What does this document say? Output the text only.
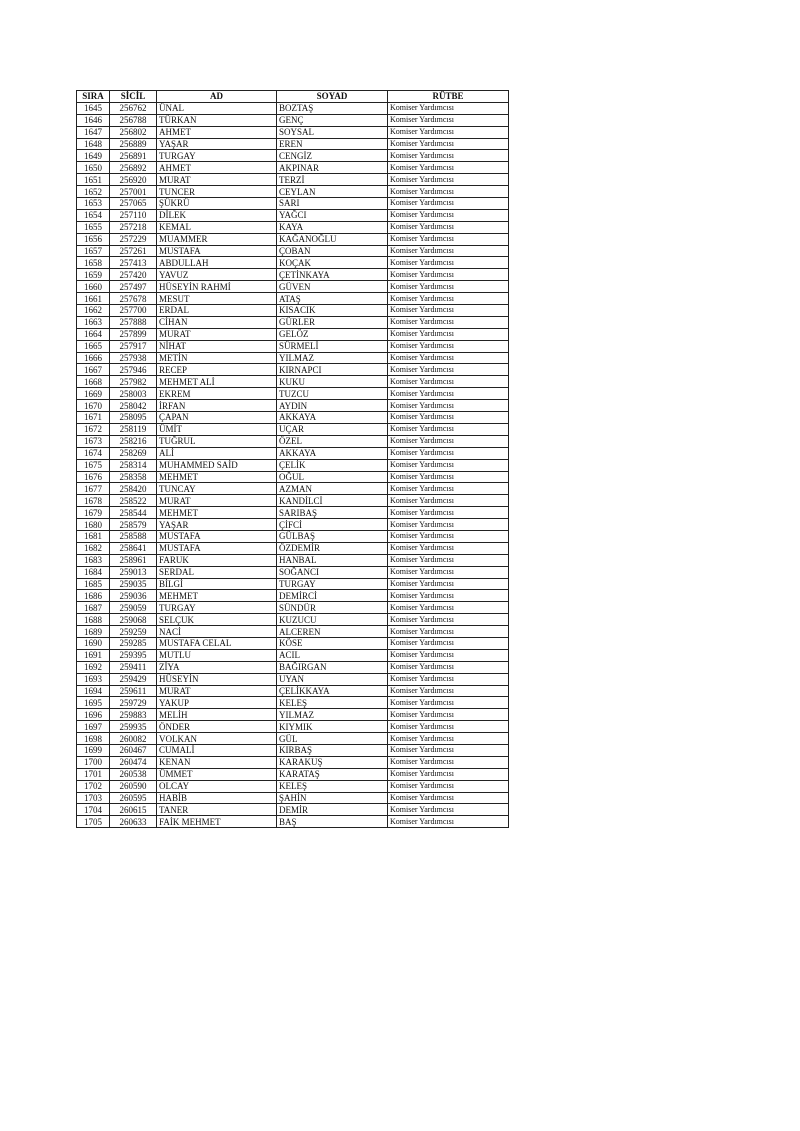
SIRA	SİCİL	AD	SOYAD	RÜTBE
1645	256762	ÜNAL	BOZTAŞ	Komiser Yardımcısı
1646	256788	TÜRKAN	GENÇ	Komiser Yardımcısı
1647	256802	AHMET	SOYSAL	Komiser Yardımcısı
1648	256889	YAŞAR	EREN	Komiser Yardımcısı
1649	256891	TURGAY	CENGİZ	Komiser Yardımcısı
1650	256892	AHMET	AKPINAR	Komiser Yardımcısı
1651	256920	MURAT	TERZİ	Komiser Yardımcısı
1652	257001	TUNCER	CEYLAN	Komiser Yardımcısı
1653	257065	ŞÜKRÜ	SARI	Komiser Yardımcısı
1654	257110	DİLEK	YAĞCI	Komiser Yardımcısı
1655	257218	KEMAL	KAYA	Komiser Yardımcısı
1656	257229	MUAMMER	KAĞANOĞLU	Komiser Yardımcısı
1657	257261	MUSTAFA	ÇOBAN	Komiser Yardımcısı
1658	257413	ABDULLAH	KOÇAK	Komiser Yardımcısı
1659	257420	YAVUZ	ÇETİNKAYA	Komiser Yardımcısı
1660	257497	HÜSEYİN RAHMİ	GÜVEN	Komiser Yardımcısı
1661	257678	MESUT	ATAŞ	Komiser Yardımcısı
1662	257700	ERDAL	KISACIK	Komiser Yardımcısı
1663	257888	CİHAN	GÜRLER	Komiser Yardımcısı
1664	257899	MURAT	GELÖZ	Komiser Yardımcısı
1665	257917	NİHAT	SÜRMELİ	Komiser Yardımcısı
1666	257938	METİN	YILMAZ	Komiser Yardımcısı
1667	257946	RECEP	KIRNAPCI	Komiser Yardımcısı
1668	257982	MEHMET ALİ	KUKU	Komiser Yardımcısı
1669	258003	EKREM	TUZCU	Komiser Yardımcısı
1670	258042	İRFAN	AYDIN	Komiser Yardımcısı
1671	258095	ÇAPAN	AKKAYA	Komiser Yardımcısı
1672	258119	ÜMİT	UÇAR	Komiser Yardımcısı
1673	258216	TUĞRUL	ÖZEL	Komiser Yardımcısı
1674	258269	ALİ	AKKAYA	Komiser Yardımcısı
1675	258314	MUHAMMED SAİD	ÇELİK	Komiser Yardımcısı
1676	258358	MEHMET	OĞUL	Komiser Yardımcısı
1677	258420	TUNCAY	AZMAN	Komiser Yardımcısı
1678	258522	MURAT	KANDİLCİ	Komiser Yardımcısı
1679	258544	MEHMET	SARIBAŞ	Komiser Yardımcısı
1680	258579	YAŞAR	ÇİFCİ	Komiser Yardımcısı
1681	258588	MUSTAFA	GÜLBAŞ	Komiser Yardımcısı
1682	258641	MUSTAFA	ÖZDEMİR	Komiser Yardımcısı
1683	258961	FARUK	HANBAL	Komiser Yardımcısı
1684	259013	SERDAL	SOĞANCI	Komiser Yardımcısı
1685	259035	BİLGİ	TURGAY	Komiser Yardımcısı
1686	259036	MEHMET	DEMİRCİ	Komiser Yardımcısı
1687	259059	TURGAY	SÜNDÜR	Komiser Yardımcısı
1688	259068	SELÇUK	KUZUCU	Komiser Yardımcısı
1689	259259	NACİ	ALCEREN	Komiser Yardımcısı
1690	259285	MUSTAFA CELAL	KÖSE	Komiser Yardımcısı
1691	259395	MUTLU	ACIL	Komiser Yardımcısı
1692	259411	ZİYA	BAĞIRGAN	Komiser Yardımcısı
1693	259429	HÜSEYİN	UYAN	Komiser Yardımcısı
1694	259611	MURAT	ÇELİKKAYA	Komiser Yardımcısı
1695	259729	YAKUP	KELEŞ	Komiser Yardımcısı
1696	259883	MELİH	YILMAZ	Komiser Yardımcısı
1697	259935	ÖNDER	KIYMIK	Komiser Yardımcısı
1698	260082	VOLKAN	GÜL	Komiser Yardımcısı
1699	260467	CUMALİ	KIRBAŞ	Komiser Yardımcısı
1700	260474	KENAN	KARAKUŞ	Komiser Yardımcısı
1701	260538	ÜMMET	KARATAŞ	Komiser Yardımcısı
1702	260590	OLCAY	KELEŞ	Komiser Yardımcısı
1703	260595	HABİB	ŞAHİN	Komiser Yardımcısı
1704	260615	TANER	DEMİR	Komiser Yardımcısı
1705	260633	FAİK MEHMET	BAŞ	Komiser Yardımcısı
